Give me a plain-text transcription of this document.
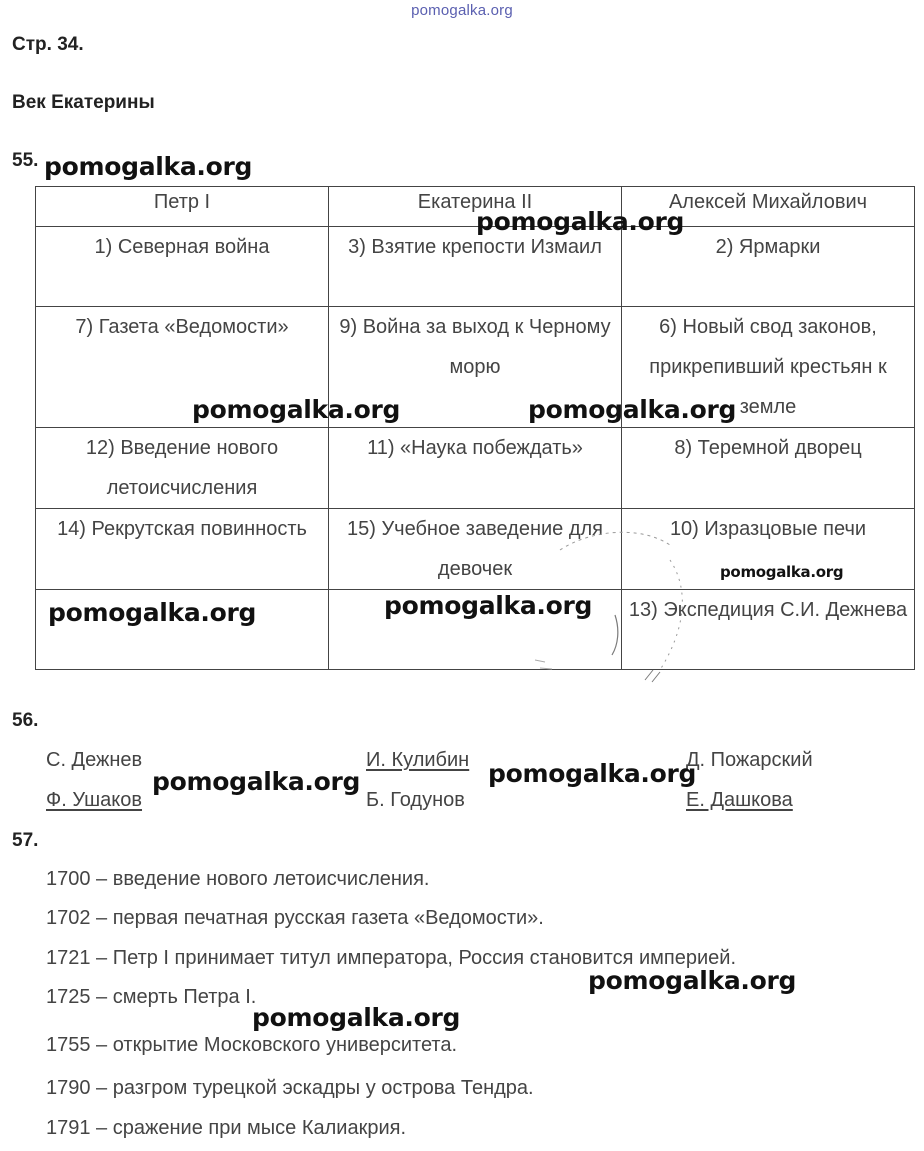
pomogalka.org
Стр. 34.
Век Екатерины
55.
Петр I	Екатерина II	Алексей Михайлович
1) Северная война	3) Взятие крепости Измаил	2) Ярмарки
7) Газета «Ведомости»	9) Война за выход к Черному морю	6) Новый свод законов, прикрепивший крестьян к земле
12) Введение нового летоисчисления	11) «Наука побеждать»	8) Теремной дворец
14) Рекрутская повинность	15) Учебное заведение для девочек	10) Изразцовые печи
		13) Экспедиция С.И. Дежнева
56.
С. Дежнев	И. Кулибин	Д. Пожарский
Ф. Ушаков	Б. Годунов	Е. Дашкова
57.
1700 – введение нового летоисчисления.
1702 – первая печатная русская газета «Ведомости».
1721 – Петр I принимает титул императора, Россия становится империей.
1725 – смерть Петра I.
1755 – открытие Московского университета.
1790 – разгром турецкой эскадры у острова Тендра.
1791 – сражение при мысе Калиакрия.
pomogalka.org
pomogalka.org
pomogalka.org	pomogalka.org
pomogalka.org
pomogalka.org	pomogalka.org
pomogalka.org	pomogalka.org
pomogalka.org
pomogalka.org
